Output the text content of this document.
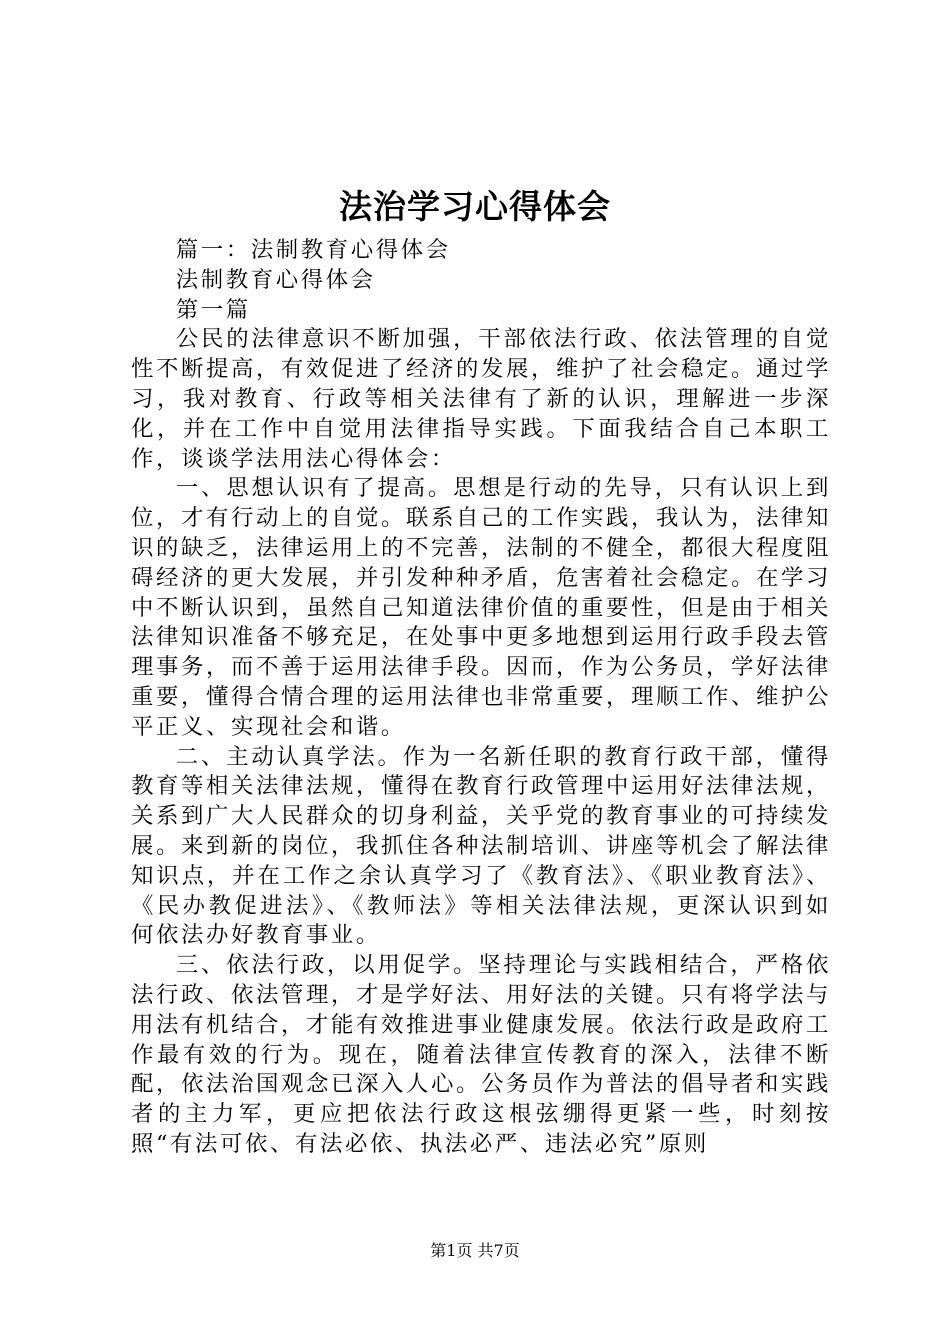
法治学习心得体会

篇一：法制教育心得体会

法制教育心得体会

第一篇

公民的法律意识不断加强，干部依法行政、依法管理的自觉性不断提高，有效促进了经济的发展，维护了社会稳定。通过学习，我对教育、行政等相关法律有了新的认识，理解进一步深化，并在工作中自觉用法律指导实践。下面我结合自己本职工作，谈谈学法用法心得体会：

一、思想认识有了提高。思想是行动的先导，只有认识上到位，才有行动上的自觉。联系自己的工作实践，我认为，法律知识的缺乏，法律运用上的不完善，法制的不健全，都很大程度阻碍经济的更大发展，并引发种种矛盾，危害着社会稳定。在学习中不断认识到，虽然自己知道法律价值的重要性，但是由于相关法律知识准备不够充足，在处事中更多地想到运用行政手段去管理事务，而不善于运用法律手段。因而，作为公务员，学好法律重要，懂得合情合理的运用法律也非常重要，理顺工作、维护公平正义、实现社会和谐。

二、主动认真学法。作为一名新任职的教育行政干部，懂得教育等相关法律法规，懂得在教育行政管理中运用好法律法规，关系到广大人民群众的切身利益，关乎党的教育事业的可持续发展。来到新的岗位，我抓住各种法制培训、讲座等机会了解法律知识点，并在工作之余认真学习了《教育法》、《职业教育法》、《民办教促进法》、《教师法》等相关法律法规，更深认识到如何依法办好教育事业。

三、依法行政，以用促学。坚持理论与实践相结合，严格依法行政、依法管理，才是学好法、用好法的关键。只有将学法与用法有机结合，才能有效推进事业健康发展。依法行政是政府工作最有效的行为。现在，随着法律宣传教育的深入，法律不断配，依法治国观念已深入人心。公务员作为普法的倡导者和实践者的主力军，更应把依法行政这根弦绷得更紧一些，时刻按照“有法可依、有法必依、执法必严、违法必究”原则

第1页 共7页
